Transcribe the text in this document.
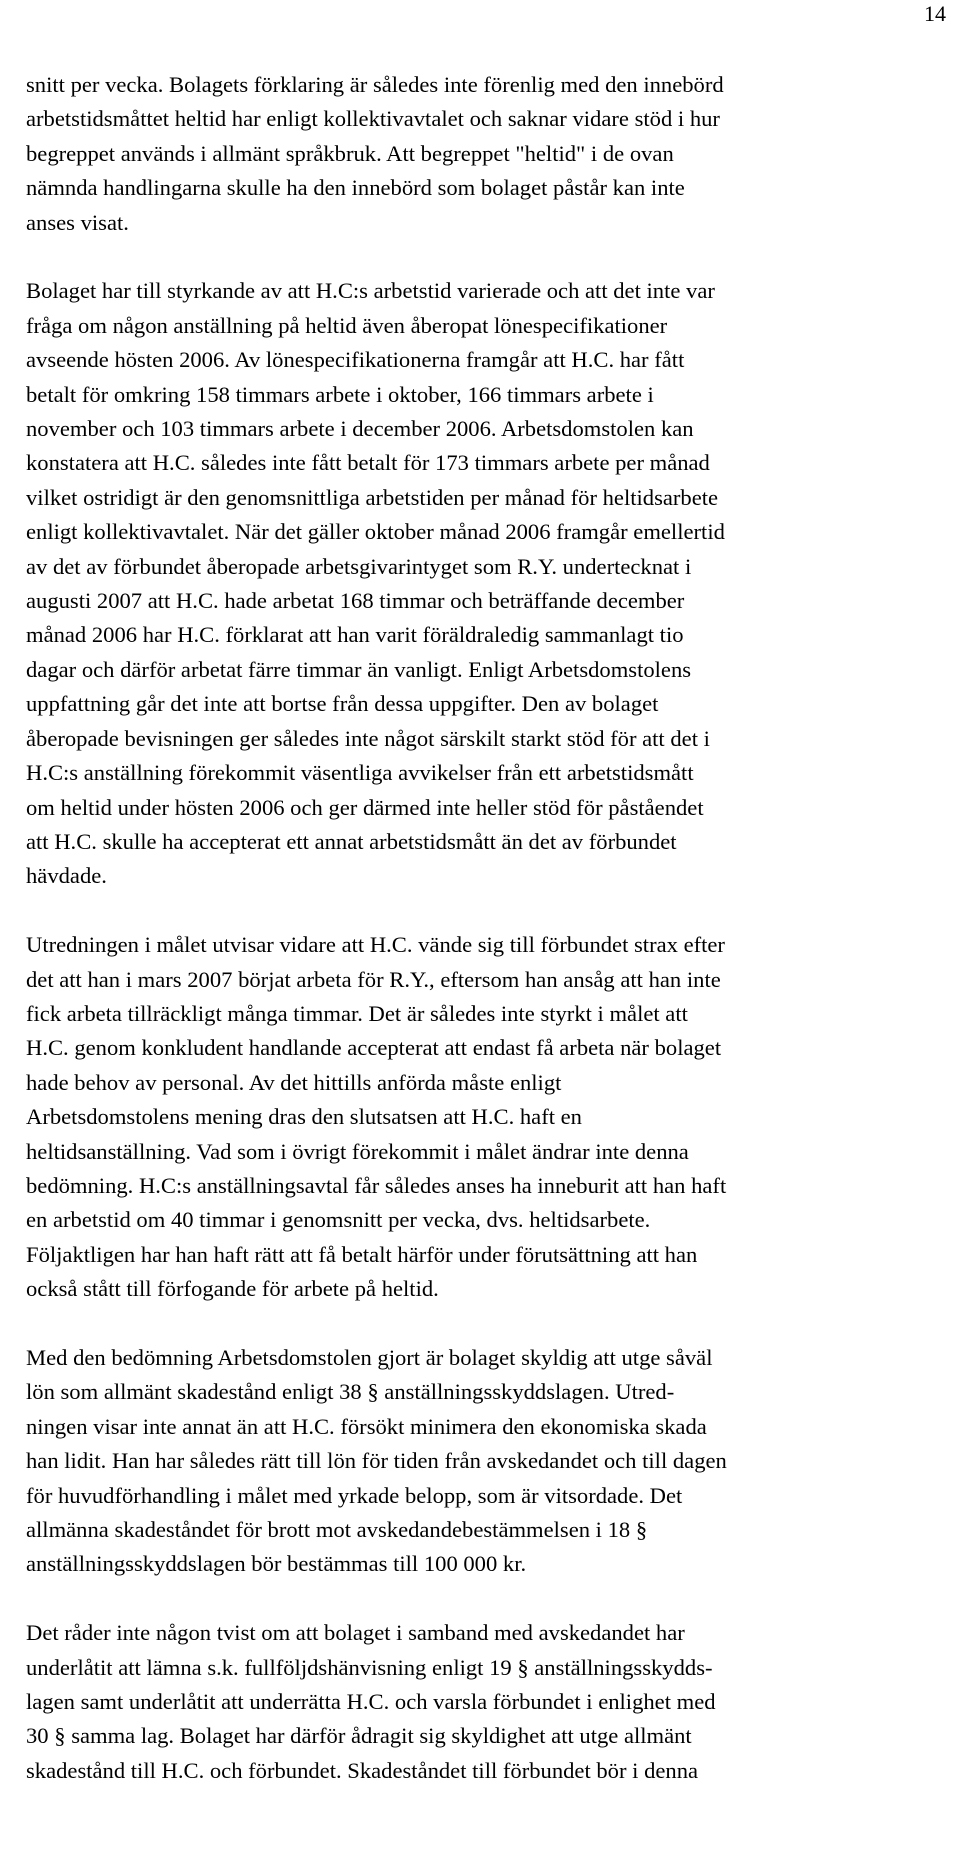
14

snitt per vecka. Bolagets förklaring är således inte förenlig med den innebörd
arbetstidsmåttet heltid har enligt kollektivavtalet och saknar vidare stöd i hur
begreppet används i allmänt språkbruk. Att begreppet "heltid" i de ovan
nämnda handlingarna skulle ha den innebörd som bolaget påstår kan inte
anses visat.

Bolaget har till styrkande av att H.C:s arbetstid varierade och att det inte var
fråga om någon anställning på heltid även åberopat lönespecifikationer
avseende hösten 2006. Av lönespecifikationerna framgår att H.C. har fått
betalt för omkring 158 timmars arbete i oktober, 166 timmars arbete i
november och 103 timmars arbete i december 2006. Arbetsdomstolen kan
konstatera att H.C. således inte fått betalt för 173 timmars arbete per månad
vilket ostridigt är den genomsnittliga arbetstiden per månad för heltidsarbete
enligt kollektivavtalet. När det gäller oktober månad 2006 framgår emellertid
av det av förbundet åberopade arbetsgivarintyget som R.Y. undertecknat i
augusti 2007 att H.C. hade arbetat 168 timmar och beträffande december
månad 2006 har H.C. förklarat att han varit föräldraledig sammanlagt tio
dagar och därför arbetat färre timmar än vanligt. Enligt Arbetsdomstolens
uppfattning går det inte att bortse från dessa uppgifter. Den av bolaget
åberopade bevisningen ger således inte något särskilt starkt stöd för att det i
H.C:s anställning förekommit väsentliga avvikelser från ett arbetstidsmått
om heltid under hösten 2006 och ger därmed inte heller stöd för påståendet
att H.C. skulle ha accepterat ett annat arbetstidsmått än det av förbundet
hävdade.

Utredningen i målet utvisar vidare att H.C. vände sig till förbundet strax efter
det att han i mars 2007 börjat arbeta för R.Y., eftersom han ansåg att han inte
fick arbeta tillräckligt många timmar. Det är således inte styrkt i målet att
H.C. genom konkludent handlande accepterat att endast få arbeta när bolaget
hade behov av personal. Av det hittills anförda måste enligt
Arbetsdomstolens mening dras den slutsatsen att H.C. haft en
heltidsanställning. Vad som i övrigt förekommit i målet ändrar inte denna
bedömning. H.C:s anställningsavtal får således anses ha inneburit att han haft
en arbetstid om 40 timmar i genomsnitt per vecka, dvs. heltidsarbete.
Följaktligen har han haft rätt att få betalt härför under förutsättning att han
också stått till förfogande för arbete på heltid.

Med den bedömning Arbetsdomstolen gjort är bolaget skyldig att utge såväl
lön som allmänt skadestånd enligt 38 § anställningsskyddslagen. Utred-
ningen visar inte annat än att H.C. försökt minimera den ekonomiska skada
han lidit. Han har således rätt till lön för tiden från avskedandet och till dagen
för huvudförhandling i målet med yrkade belopp, som är vitsordade. Det
allmänna skadeståndet för brott mot avskedandebestämmelsen i 18 §
anställningsskyddslagen bör bestämmas till 100 000 kr.

Det råder inte någon tvist om att bolaget i samband med avskedandet har
underlåtit att lämna s.k. fullföljdshänvisning enligt 19 § anställningsskydds-
lagen samt underlåtit att underrätta H.C. och varsla förbundet i enlighet med
30 § samma lag. Bolaget har därför ådragit sig skyldighet att utge allmänt
skadestånd till H.C. och förbundet. Skadeståndet till förbundet bör i denna
